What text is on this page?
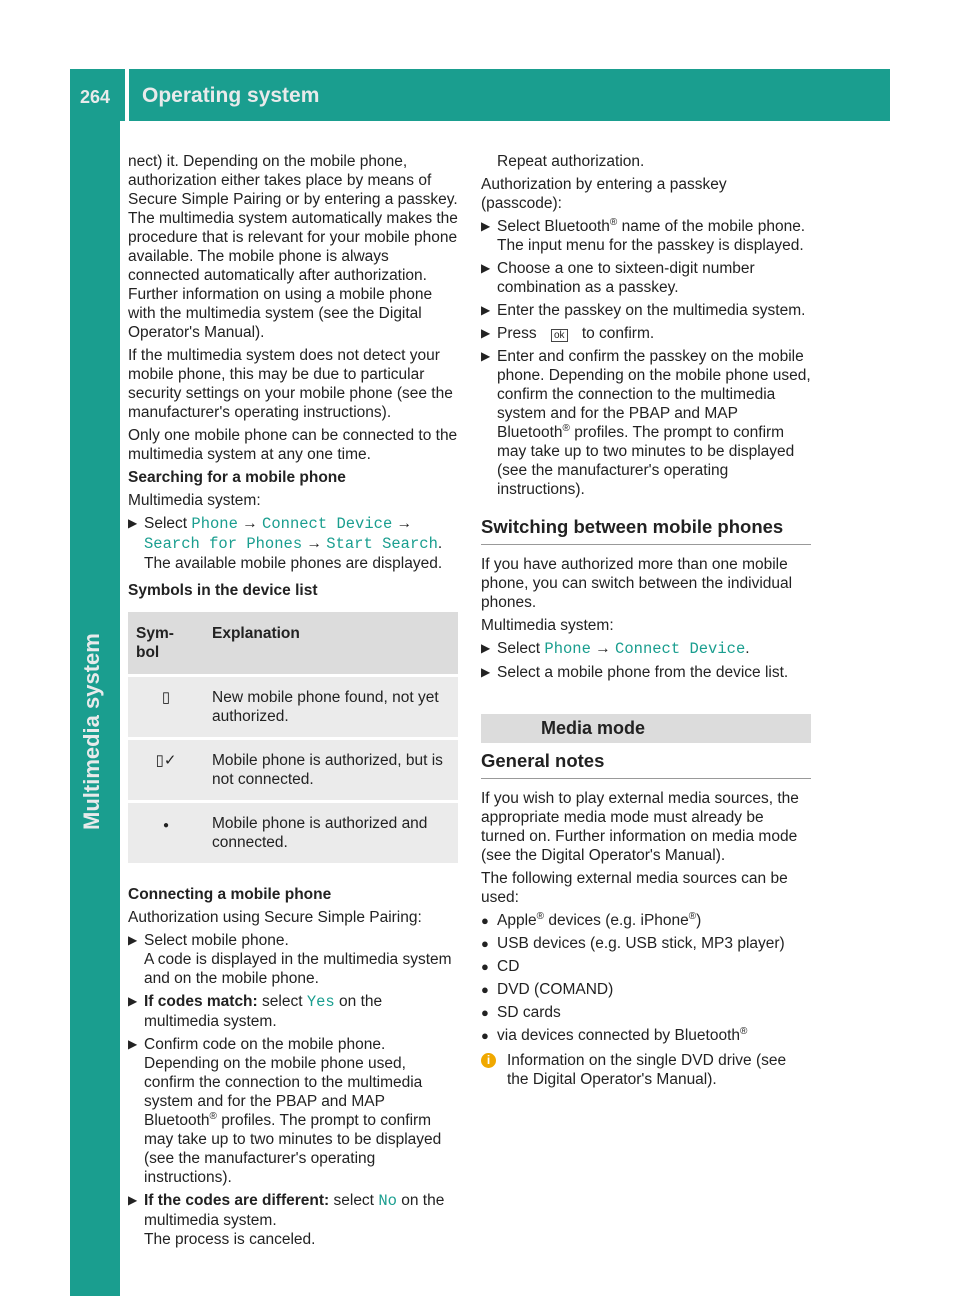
264 Operating system
Multimedia system

nect) it. Depending on the mobile phone, authorization either takes place by means of Secure Simple Pairing or by entering a passkey. The multimedia system automatically makes the procedure that is relevant for your mobile phone available. The mobile phone is always connected automatically after authorization. Further information on using a mobile phone with the multimedia system (see the Digital Operator's Manual).

If the multimedia system does not detect your mobile phone, this may be due to particular security settings on your mobile phone (see the manufacturer's operating instructions).

Only one mobile phone can be connected to the multimedia system at any one time.

Searching for a mobile phone

Multimedia system:

▶ Select Phone → Connect Device → Search for Phones → Start Search.
The available mobile phones are displayed.

Symbols in the device list

Sym-bol	Explanation
▯	New mobile phone found, not yet authorized.
▯✓	Mobile phone is authorized, but is not connected.
●	Mobile phone is authorized and connected.

Connecting a mobile phone

Authorization using Secure Simple Pairing:

▶ Select mobile phone.
A code is displayed in the multimedia system and on the mobile phone.
▶ If codes match: select Yes on the multimedia system.
▶ Confirm code on the mobile phone. Depending on the mobile phone used, confirm the connection to the multimedia system and for the PBAP and MAP Bluetooth® profiles. The prompt to confirm may take up to two minutes to be displayed (see the manufacturer's operating instructions).
▶ If the codes are different: select No on the multimedia system.
The process is canceled.

Repeat authorization.

Authorization by entering a passkey (passcode):

▶ Select Bluetooth® name of the mobile phone.
The input menu for the passkey is displayed.
▶ Choose a one to sixteen-digit number combination as a passkey.
▶ Enter the passkey on the multimedia system.
▶ Press ok to confirm.
▶ Enter and confirm the passkey on the mobile phone. Depending on the mobile phone used, confirm the connection to the multimedia system and for the PBAP and MAP Bluetooth® profiles. The prompt to confirm may take up to two minutes to be displayed (see the manufacturer's operating instructions).
Switching between mobile phones

If you have authorized more than one mobile phone, you can switch between the individual phones.

Multimedia system:

▶ Select Phone → Connect Device.
▶ Select a mobile phone from the device list.
Media mode
General notes

If you wish to play external media sources, the appropriate media mode must already be turned on. Further information on media mode (see the Digital Operator's Manual).

The following external media sources can be used:

● Apple® devices (e.g. iPhone®)
● USB devices (e.g. USB stick, MP3 player)
● CD
● DVD (COMAND)
● SD cards
● via devices connected by Bluetooth®
i	Information on the single DVD drive (see the Digital Operator's Manual).
